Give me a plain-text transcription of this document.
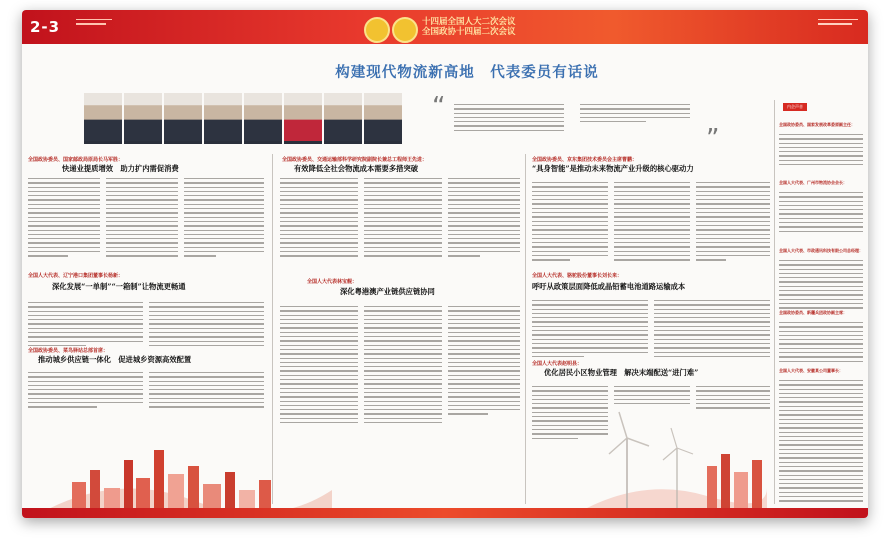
2-3	十四届全国人大二次会议
全国政协十四届二次会议
构建现代物流新高地　代表委员有话说
“
”
全国政协委员、国家邮政局原局长马军胜：
快递业提质增效　助力扩内需促消费
全国政协委员、交通运输部科学研究院副院长兼总工程师王先进：
有效降低全社会物流成本需要多措突破
全国政协委员、京东集团技术委员会主席曹鹏：
“具身智能”是推动未来物流产业升级的核心驱动力
全国人大代表、辽宁港口集团董事长杨新：
深化发展“一单制”“一箱制”让物流更畅通
全国政协委员、菜鸟驿站总部首席：
推动城乡供应链一体化　促进城乡资源高效配置
全国人大代表林宝舰：
深化粤港澳产业链供应链协同
全国人大代表、骆驼股份董事长刘长来：
呼吁从政策层面降低或晶铅蓄电池道路运输成本
全国人大代表赵明县：
优化居民小区物业管理　解决末端配送“进门难”
内企声音
全国政协委员、国家发展改革委原副主任：
全国人大代表、广州市物流协会会长：
全国人大代表、市政通讯科技有限公司总经理：
全国政协委员、新疆兵团政协副主席：
全国人大代表、安徽某公司董事长：
